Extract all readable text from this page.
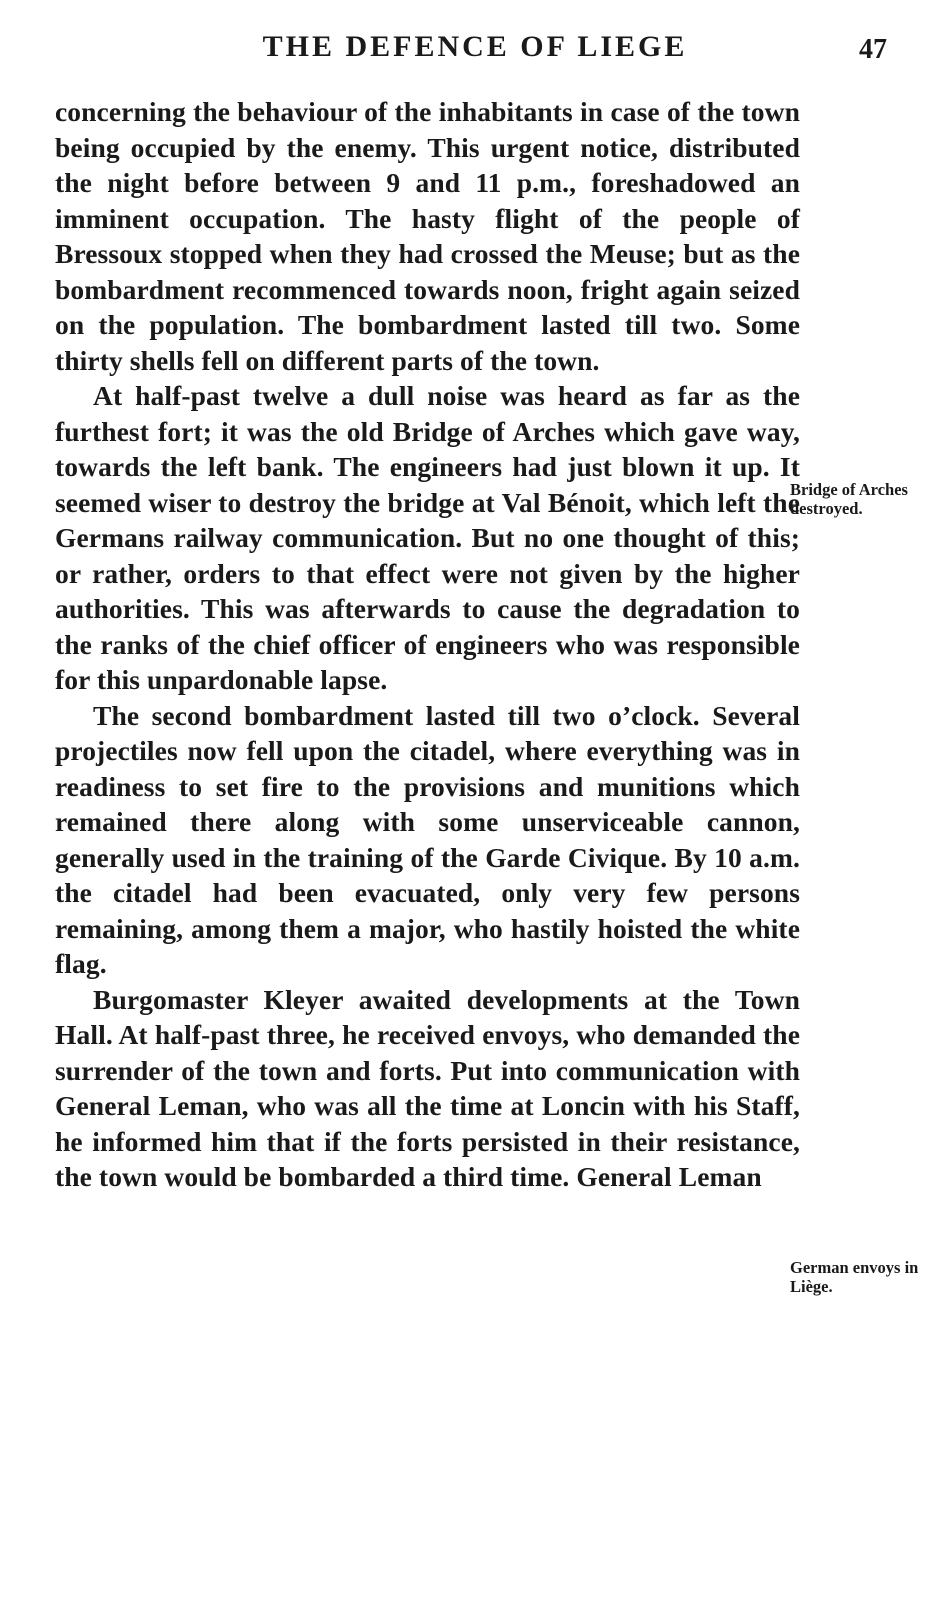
THE DEFENCE OF LIEGE	47

concerning the behaviour of the inhabitants in case of the town being occupied by the enemy. This urgent notice, distributed the night before between 9 and 11 p.m., foreshadowed an imminent occupation. The hasty flight of the people of Bressoux stopped when they had crossed the Meuse; but as the bombardment recommenced towards noon, fright again seized on the population. The bombardment lasted till two. Some thirty shells fell on different parts of the town.

At half-past twelve a dull noise was heard as far as the furthest fort; it was the old Bridge of Arches which gave way, towards the left bank. The engineers had just blown it up. It seemed wiser to destroy the bridge at Val Bénoit, which left the Germans railway communication. But no one thought of this; or rather, orders to that effect were not given by the higher authorities. This was afterwards to cause the degradation to the ranks of the chief officer of engineers who was responsible for this unpardonable lapse.

The second bombardment lasted till two o’clock. Several projectiles now fell upon the citadel, where everything was in readiness to set fire to the provisions and munitions which remained there along with some unserviceable cannon, generally used in the training of the Garde Civique. By 10 a.m. the citadel had been evacuated, only very few persons remaining, among them a major, who hastily hoisted the white flag.

Burgomaster Kleyer awaited developments at the Town Hall. At half-past three, he received envoys, who demanded the surrender of the town and forts. Put into communication with General Leman, who was all the time at Loncin with his Staff, he informed him that if the forts persisted in their resistance, the town would be bombarded a third time. General Leman

Bridge of Arches destroyed.
German envoys in Liège.
